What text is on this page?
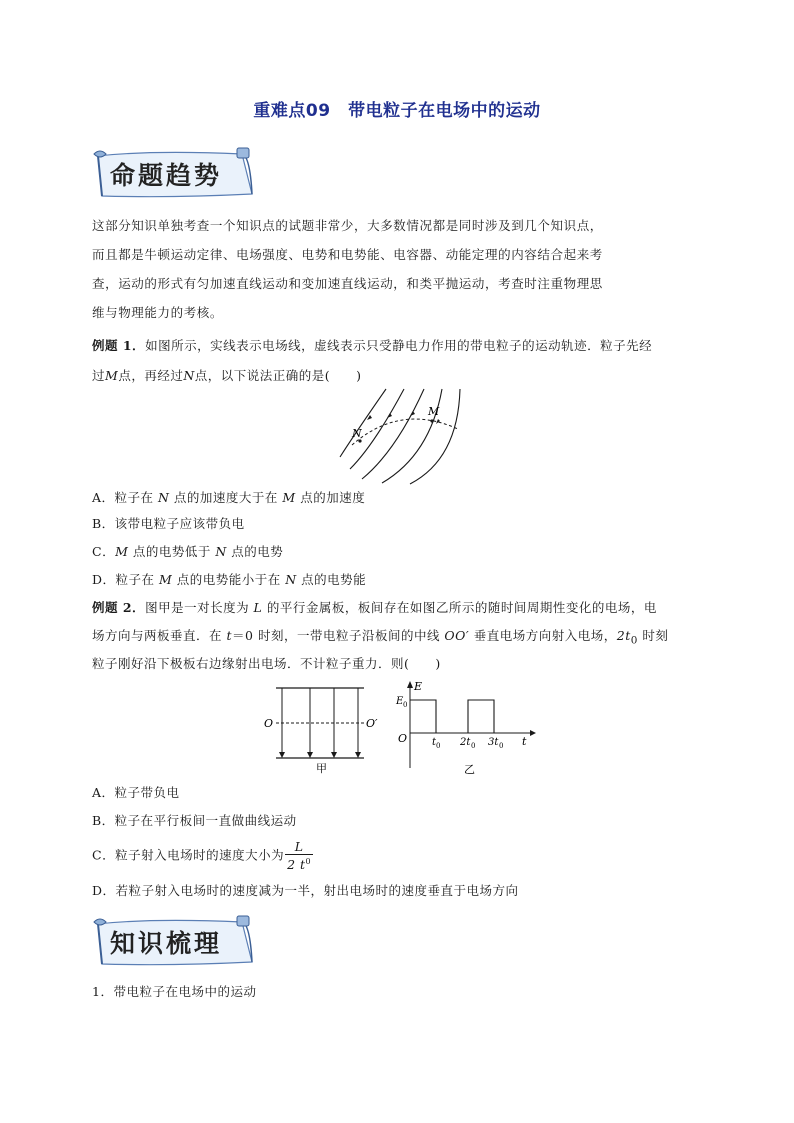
重难点09　带电粒子在电场中的运动
命题趋势
这部分知识单独考查一个知识点的试题非常少，大多数情况都是同时涉及到几个知识点，
而且都是牛顿运动定律、电场强度、电势和电势能、电容器、动能定理的内容结合起来考
查，运动的形式有匀加速直线运动和变加速直线运动，和类平抛运动，考查时注重物理思
维与物理能力的考核。
例题 1．如图所示，实线表示电场线，虚线表示只受静电力作用的带电粒子的运动轨迹．粒子先经
过M点，再经过N点，以下说法正确的是(　　)
N
M
A．粒子在 N 点的加速度大于在 M 点的加速度
B．该带电粒子应该带负电
C．M 点的电势低于 N 点的电势
D．粒子在 M 点的电势能小于在 N 点的电势能
例题 2．图甲是一对长度为 L 的平行金属板，板间存在如图乙所示的随时间周期性变化的电场，电
场方向与两板垂直．在 t＝0 时刻，一带电粒子沿板间的中线 OO′ 垂直电场方向射入电场，$2t_0$ 时刻
粒子刚好沿下极板右边缘射出电场．不计粒子重力．则(　　)
O	O′
甲
E
E 0
O t 0 2t 0 3t 0 t
乙
A．粒子带负电
B．粒子在平行板间一直做曲线运动
C．粒子射入电场时的速度大小为 $\frac{L}{2 t^0}$
D．若粒子射入电场时的速度减为一半，射出电场时的速度垂直于电场方向
知识梳理
1．带电粒子在电场中的运动
